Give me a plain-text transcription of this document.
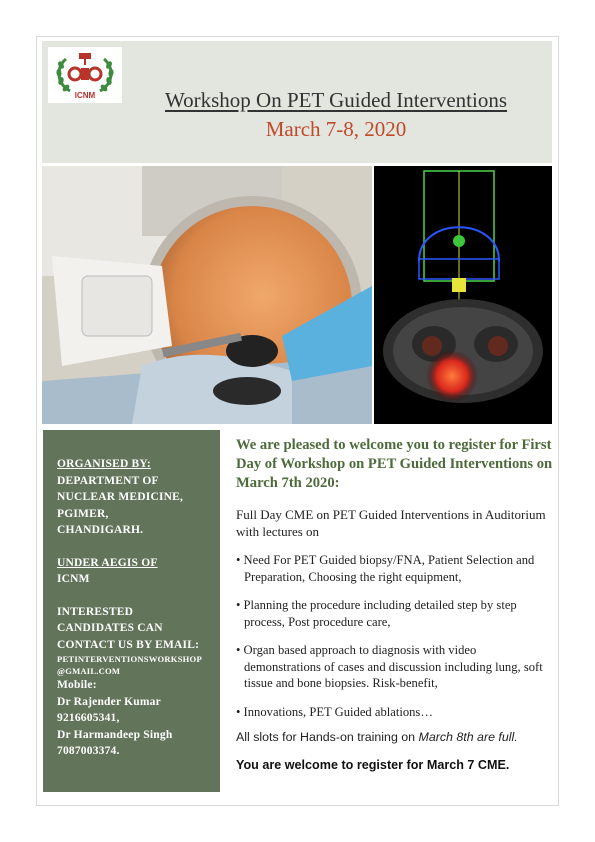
ICNM	Workshop On PET Guided Interventions
March 7-8, 2020
ORGANISED BY:
DEPARTMENT OF
NUCLEAR MEDICINE,
PGIMER,
CHANDIGARH.
UNDER AEGIS OF
ICNM
INTERESTED
CANDIDATES CAN
CONTACT US BY EMAIL:
PETINTERVENTIONSWORKSHOP
@GMAIL.COM
Mobile:
Dr Rajender Kumar
9216605341,
Dr Harmandeep Singh
7087003374.
We are pleased to welcome you to register for First Day of Workshop on PET Guided Interventions on March 7th 2020:
Full Day CME on PET Guided Interventions in Auditorium with lectures on
• Need For PET Guided biopsy/FNA, Patient Selection and Preparation, Choosing the right equipment,
• Planning the procedure including detailed step by step process, Post procedure care,
• Organ based approach to diagnosis with video demonstrations of cases and discussion including lung, soft tissue and bone biopsies. Risk-benefit,
• Innovations, PET Guided ablations…
All slots for Hands-on training on March 8th are full.
You are welcome to register for March 7 CME.
